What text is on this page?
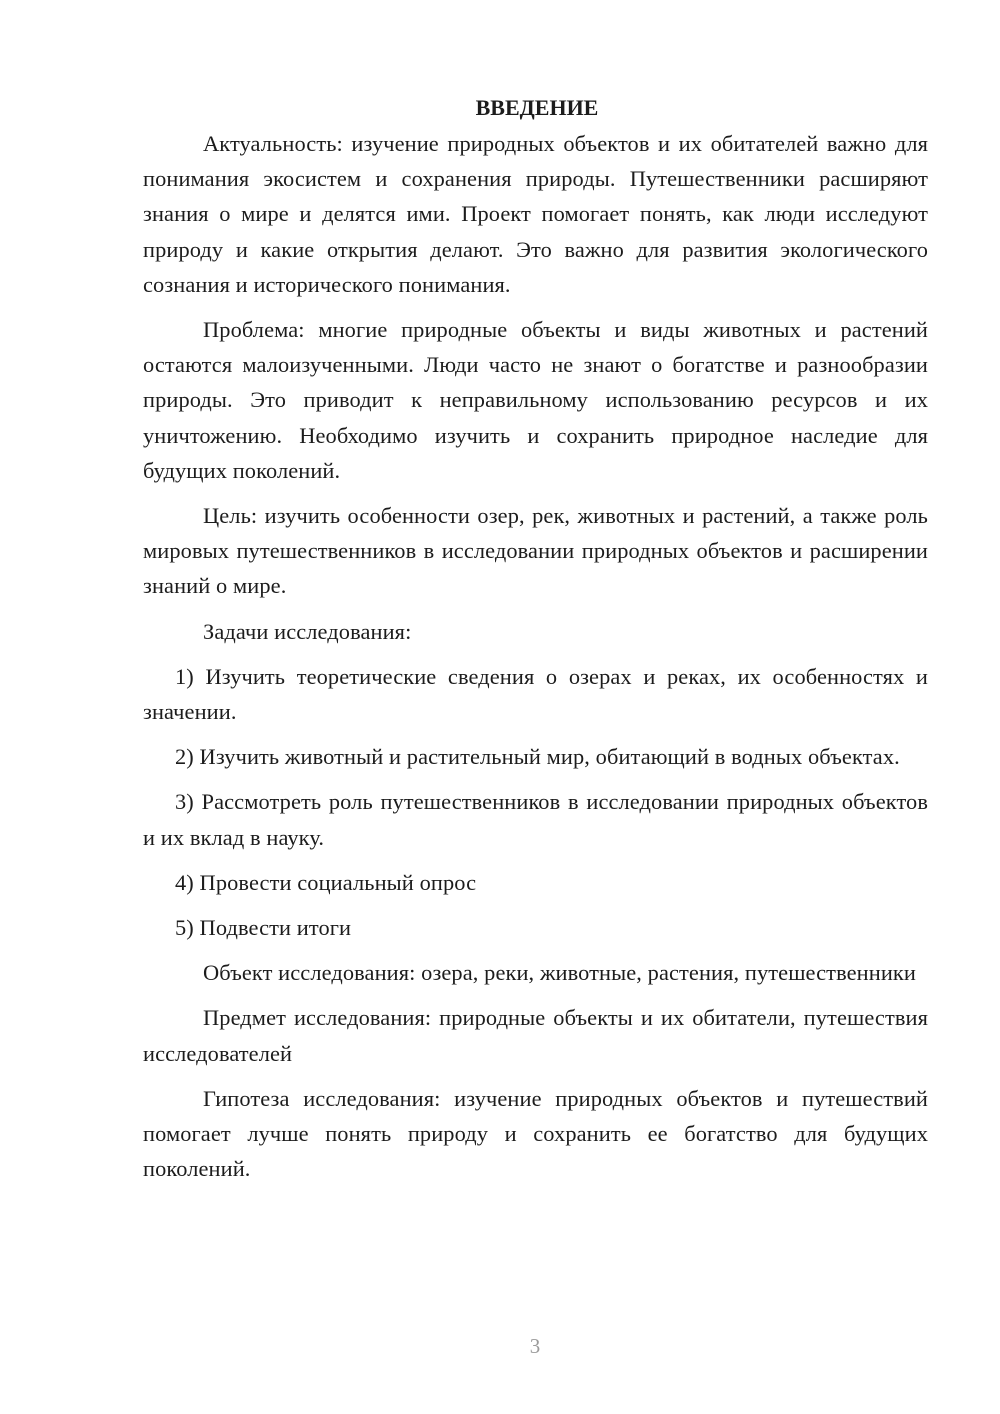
ВВЕДЕНИЕ

Актуальность: изучение природных объектов и их обитателей важно для понимания экосистем и сохранения природы. Путешественники расширяют знания о мире и делятся ими. Проект помогает понять, как люди исследуют природу и какие открытия делают. Это важно для развития экологического сознания и исторического понимания.

Проблема: многие природные объекты и виды животных и растений остаются малоизученными. Люди часто не знают о богатстве и разнообразии природы. Это приводит к неправильному использованию ресурсов и их уничтожению. Необходимо изучить и сохранить природное наследие для будущих поколений.

Цель: изучить особенности озер, рек, животных и растений, а также роль мировых путешественников в исследовании природных объектов и расширении знаний о мире.

Задачи исследования:

1) Изучить теоретические сведения о озерах и реках, их особенностях и значении.

2) Изучить животный и растительный мир, обитающий в водных объектах.

3) Рассмотреть роль путешественников в исследовании природных объектов и их вклад в науку.

4) Провести социальный опрос

5) Подвести итоги

Объект исследования: озера, реки, животные, растения, путешественники

Предмет исследования: природные объекты и их обитатели, путешествия исследователей

Гипотеза исследования: изучение природных объектов и путешествий помогает лучше понять природу и сохранить ее богатство для будущих поколений.

3
